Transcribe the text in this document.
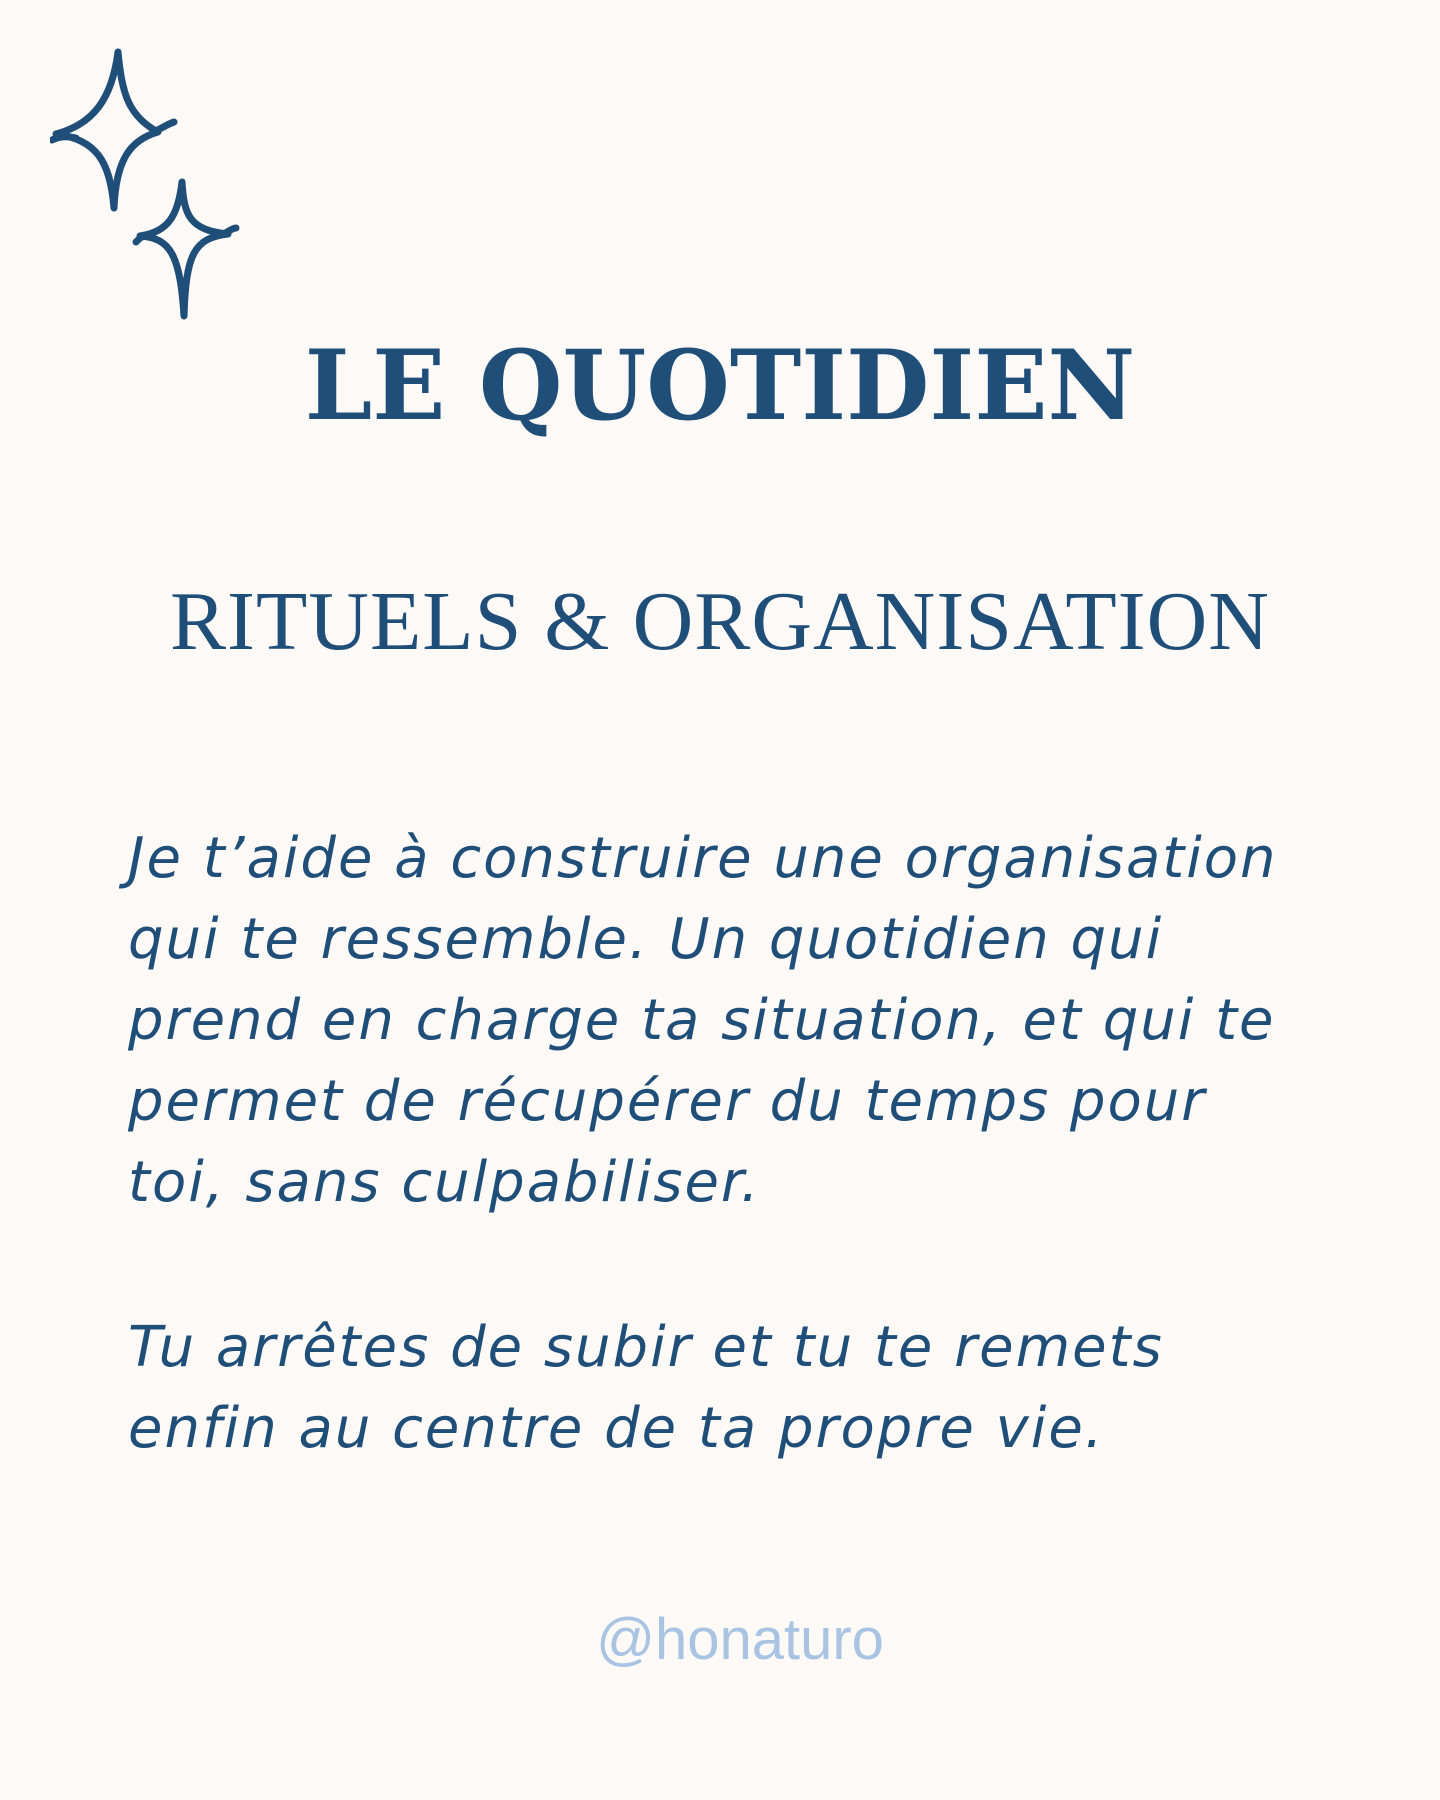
LE QUOTIDIEN
RITUELS & ORGANISATION

Je t’aide à construire une organisation
qui te ressemble. Un quotidien qui
prend en charge ta situation, et qui te
permet de récupérer du temps pour
toi, sans culpabiliser.

Tu arrêtes de subir et tu te remets
enfin au centre de ta propre vie.

@honaturo
